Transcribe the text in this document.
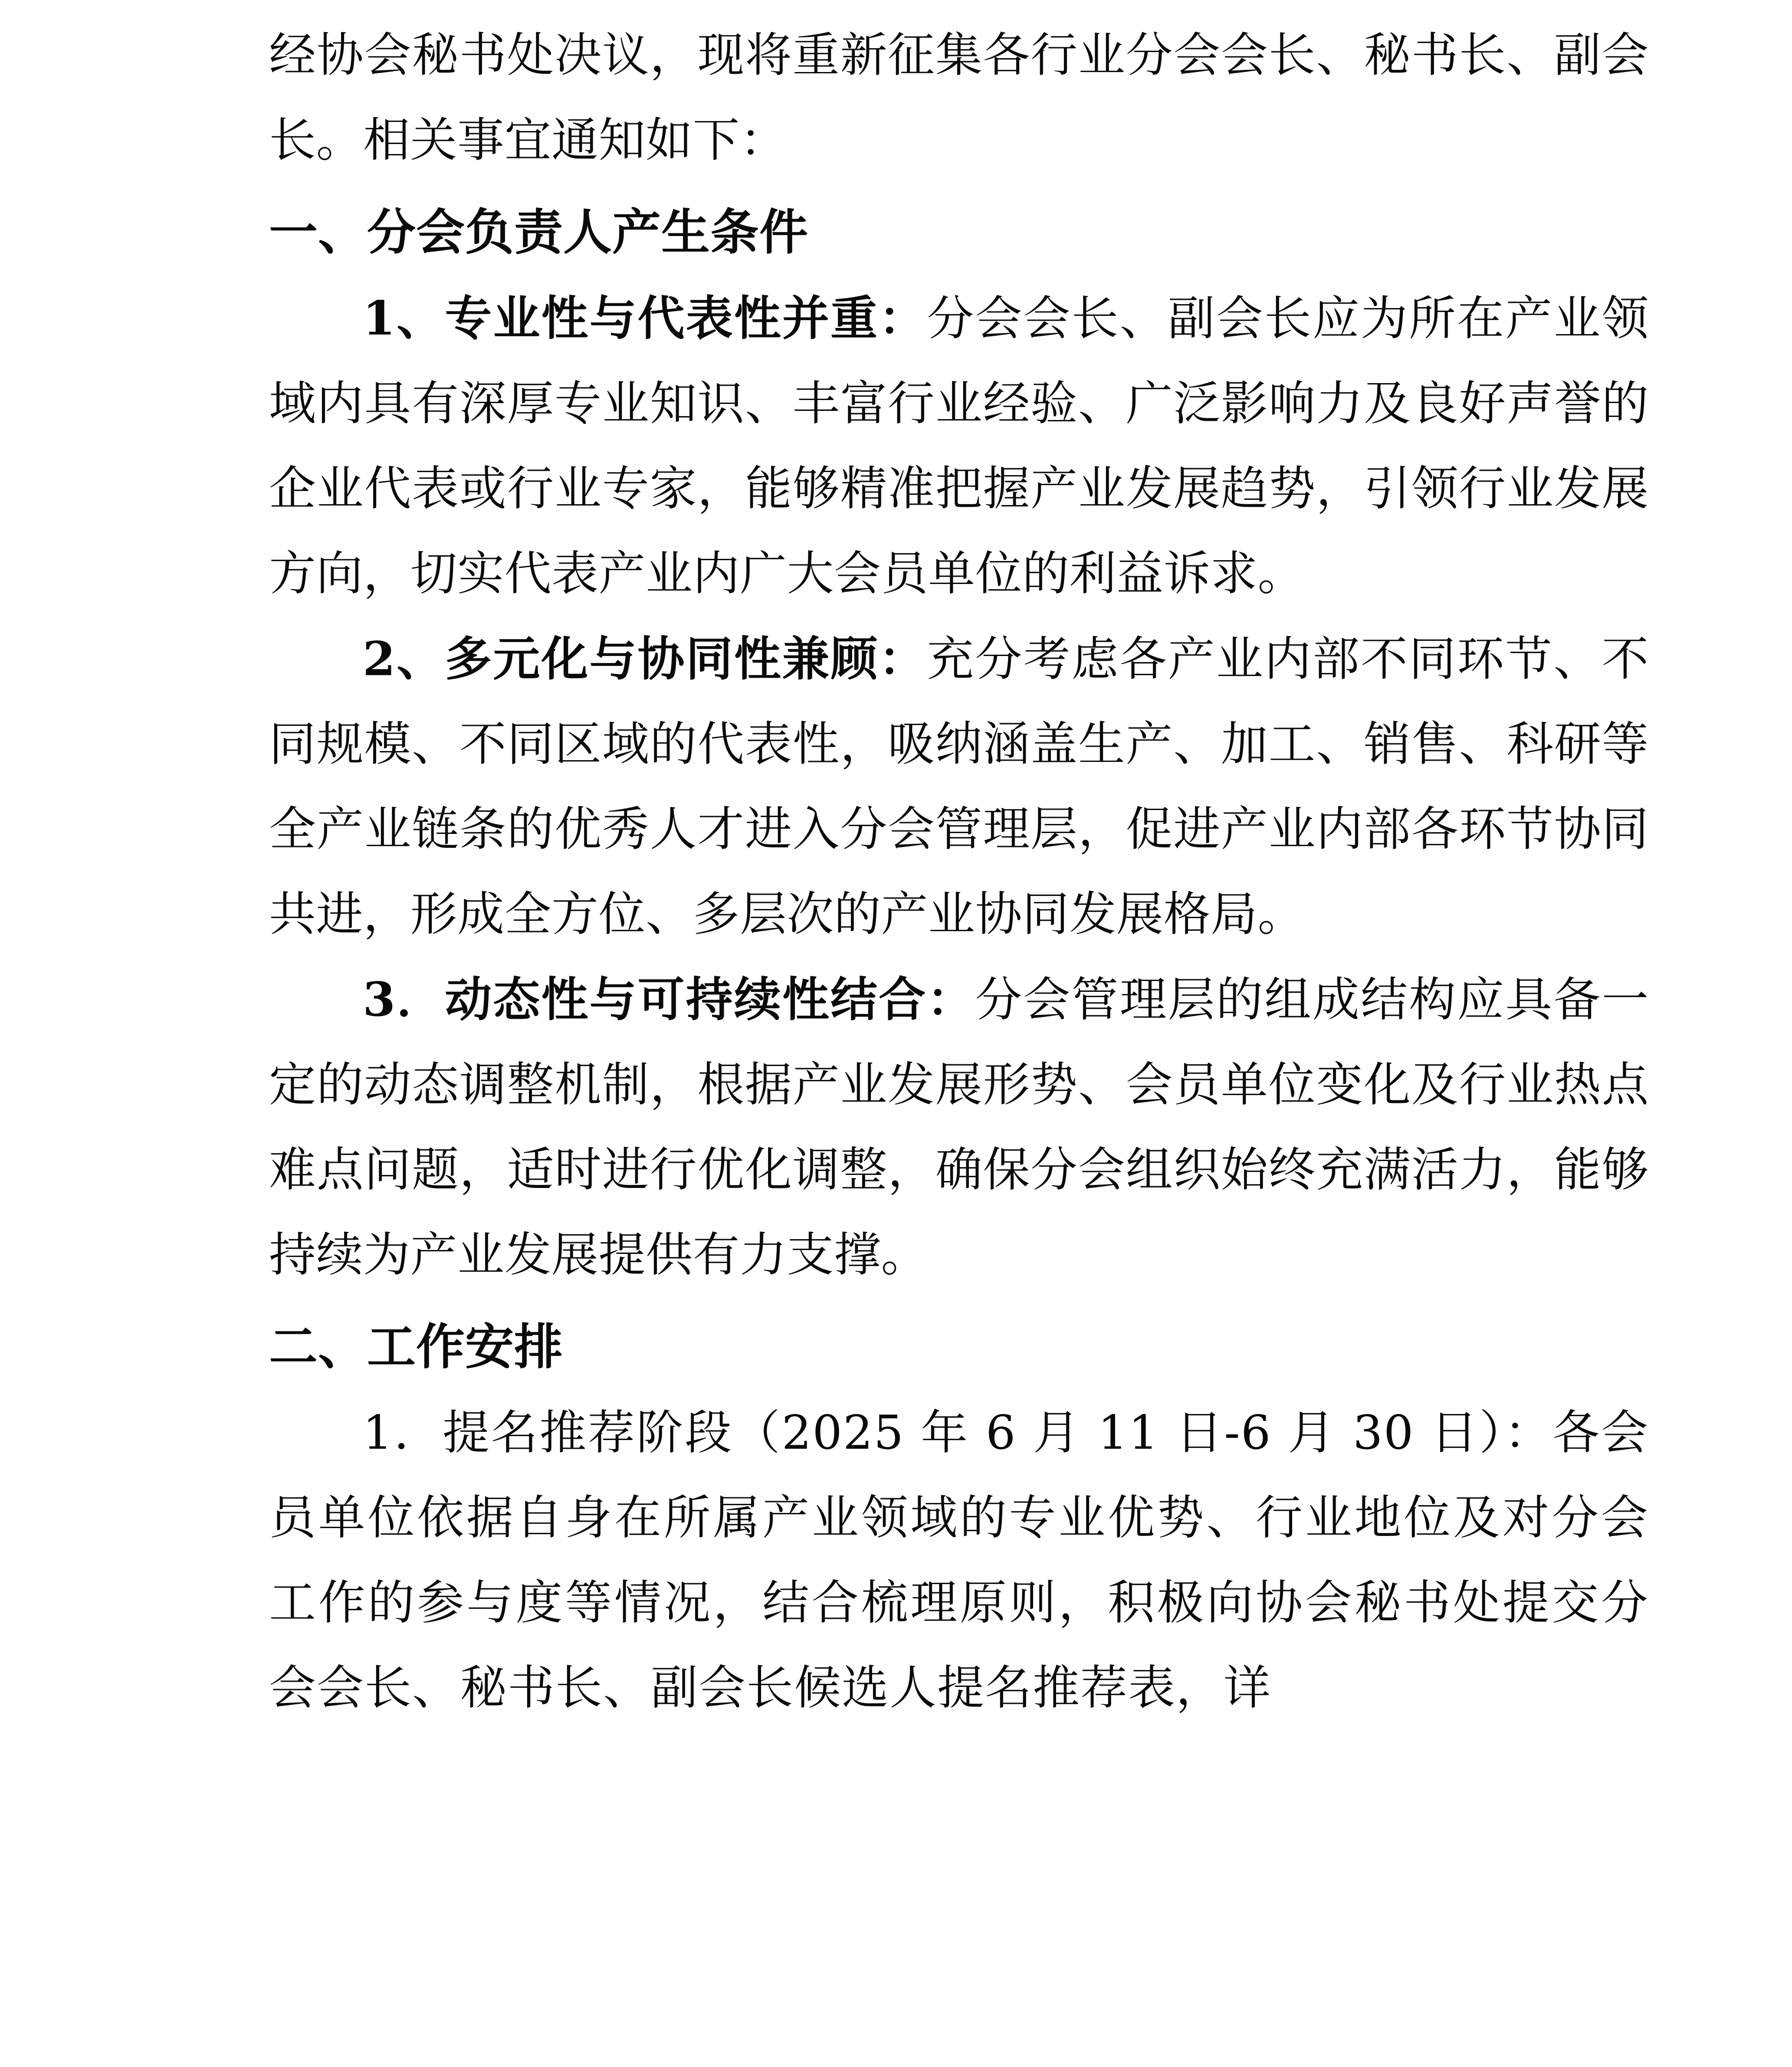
经协会秘书处决议，现将重新征集各行业分会会长、秘书长、副会长。相关事宜通知如下：

一、分会负责人产生条件

1、专业性与代表性并重：分会会长、副会长应为所在产业领域内具有深厚专业知识、丰富行业经验、广泛影响力及良好声誉的企业代表或行业专家，能够精准把握产业发展趋势，引领行业发展方向，切实代表产业内广大会员单位的利益诉求。

2、多元化与协同性兼顾：充分考虑各产业内部不同环节、不同规模、不同区域的代表性，吸纳涵盖生产、加工、销售、科研等全产业链条的优秀人才进入分会管理层，促进产业内部各环节协同共进，形成全方位、多层次的产业协同发展格局。

3．动态性与可持续性结合：分会管理层的组成结构应具备一定的动态调整机制，根据产业发展形势、会员单位变化及行业热点难点问题，适时进行优化调整，确保分会组织始终充满活力，能够持续为产业发展提供有力支撑。

二、工作安排

1．提名推荐阶段（2025 年 6 月 11 日-6 月 30 日）：各会员单位依据自身在所属产业领域的专业优势、行业地位及对分会工作的参与度等情况，结合梳理原则，积极向协会秘书处提交分会会长、秘书长、副会长候选人提名推荐表，详
